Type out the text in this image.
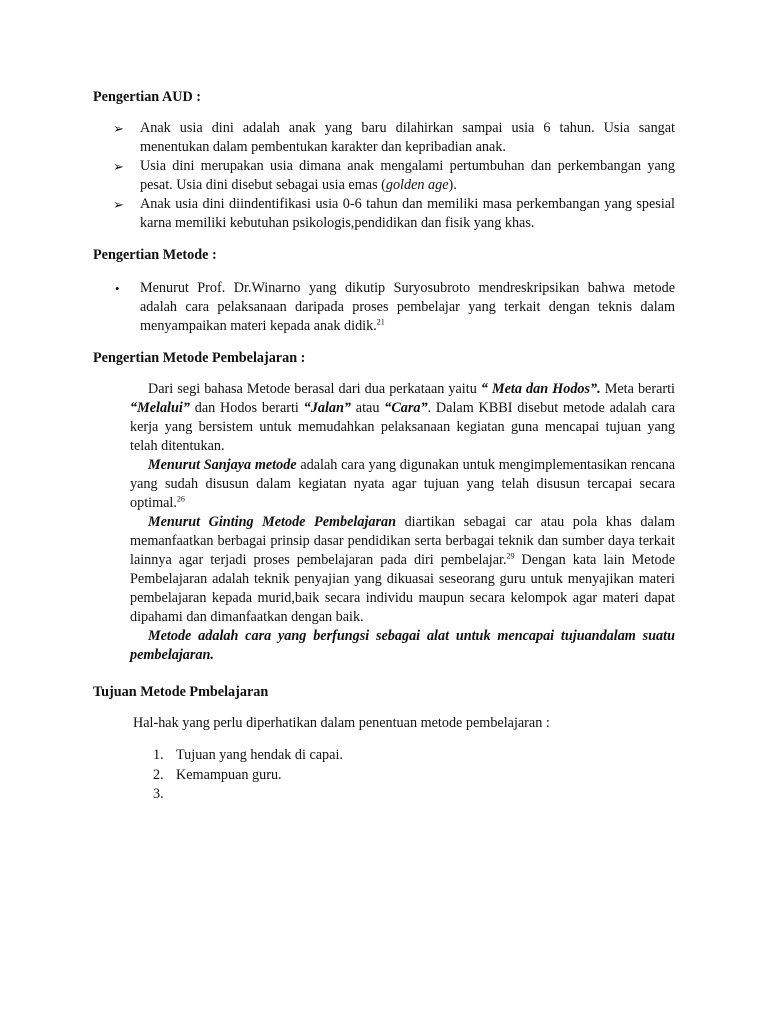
Pengertian AUD :

➢ Anak usia dini adalah anak yang baru dilahirkan sampai usia 6 tahun. Usia sangat menentukan dalam pembentukan karakter dan kepribadian anak.
➢ Usia dini merupakan usia dimana anak mengalami pertumbuhan dan perkembangan yang pesat. Usia dini disebut sebagai usia emas (golden age).
➢ Anak usia dini diindentifikasi usia 0-6 tahun dan memiliki masa perkembangan yang spesial karna memiliki kebutuhan psikologis,pendidikan dan fisik yang khas.

Pengertian Metode :

• Menurut Prof. Dr.Winarno yang dikutip Suryosubroto mendreskripsikan bahwa metode adalah cara pelaksanaan daripada proses pembelajar yang terkait dengan teknis dalam menyampaikan materi kepada anak didik.$^{21}$

Pengertian Metode Pembelajaran :

Dari segi bahasa Metode berasal dari dua perkataan yaitu “ Meta dan Hodos”. Meta berarti “Melalui” dan Hodos berarti “Jalan” atau “Cara”. Dalam KBBI disebut metode adalah cara kerja yang bersistem untuk memudahkan pelaksanaan kegiatan guna mencapai tujuan yang telah ditentukan.

Menurut Sanjaya metode adalah cara yang digunakan untuk mengimplementasikan rencana yang sudah disusun dalam kegiatan nyata agar tujuan yang telah disusun tercapai secara optimal.$^{26}$

Menurut Ginting Metode Pembelajaran diartikan sebagai car atau pola khas dalam memanfaatkan berbagai prinsip dasar pendidikan serta berbagai teknik dan sumber daya terkait lainnya agar terjadi proses pembelajaran pada diri pembelajar.$^{29}$ Dengan kata lain Metode Pembelajaran adalah teknik penyajian yang dikuasai seseorang guru untuk menyajikan materi pembelajaran kepada murid,baik secara individu maupun secara kelompok agar materi dapat dipahami dan dimanfaatkan dengan baik.

Metode adalah cara yang berfungsi sebagai alat untuk mencapai tujuandalam suatu pembelajaran.

Tujuan Metode Pmbelajaran

Hal-hak yang perlu diperhatikan dalam penentuan metode pembelajaran :

1. Tujuan yang hendak di capai.
2. Kemampuan guru.
3.
